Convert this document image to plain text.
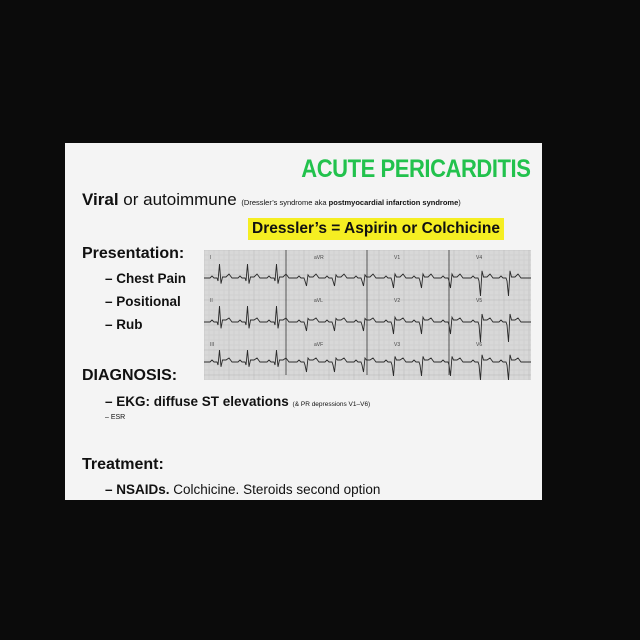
ACUTE PERICARDITIS
Viral or autoimmune (Dressler’s syndrome aka postmyocardial infarction syndrome)
Dressler’s = Aspirin or Colchicine
Presentation:
– Chest Pain
– Positional
– Rub
I	aVR	V1	V4
II	aVL	V2	V5
III	aVF	V3	V6
DIAGNOSIS:
– EKG: diffuse ST elevations (& PR depressions V1–V6)
– ESR
Treatment:
– NSAIDs. Colchicine. Steroids second option
